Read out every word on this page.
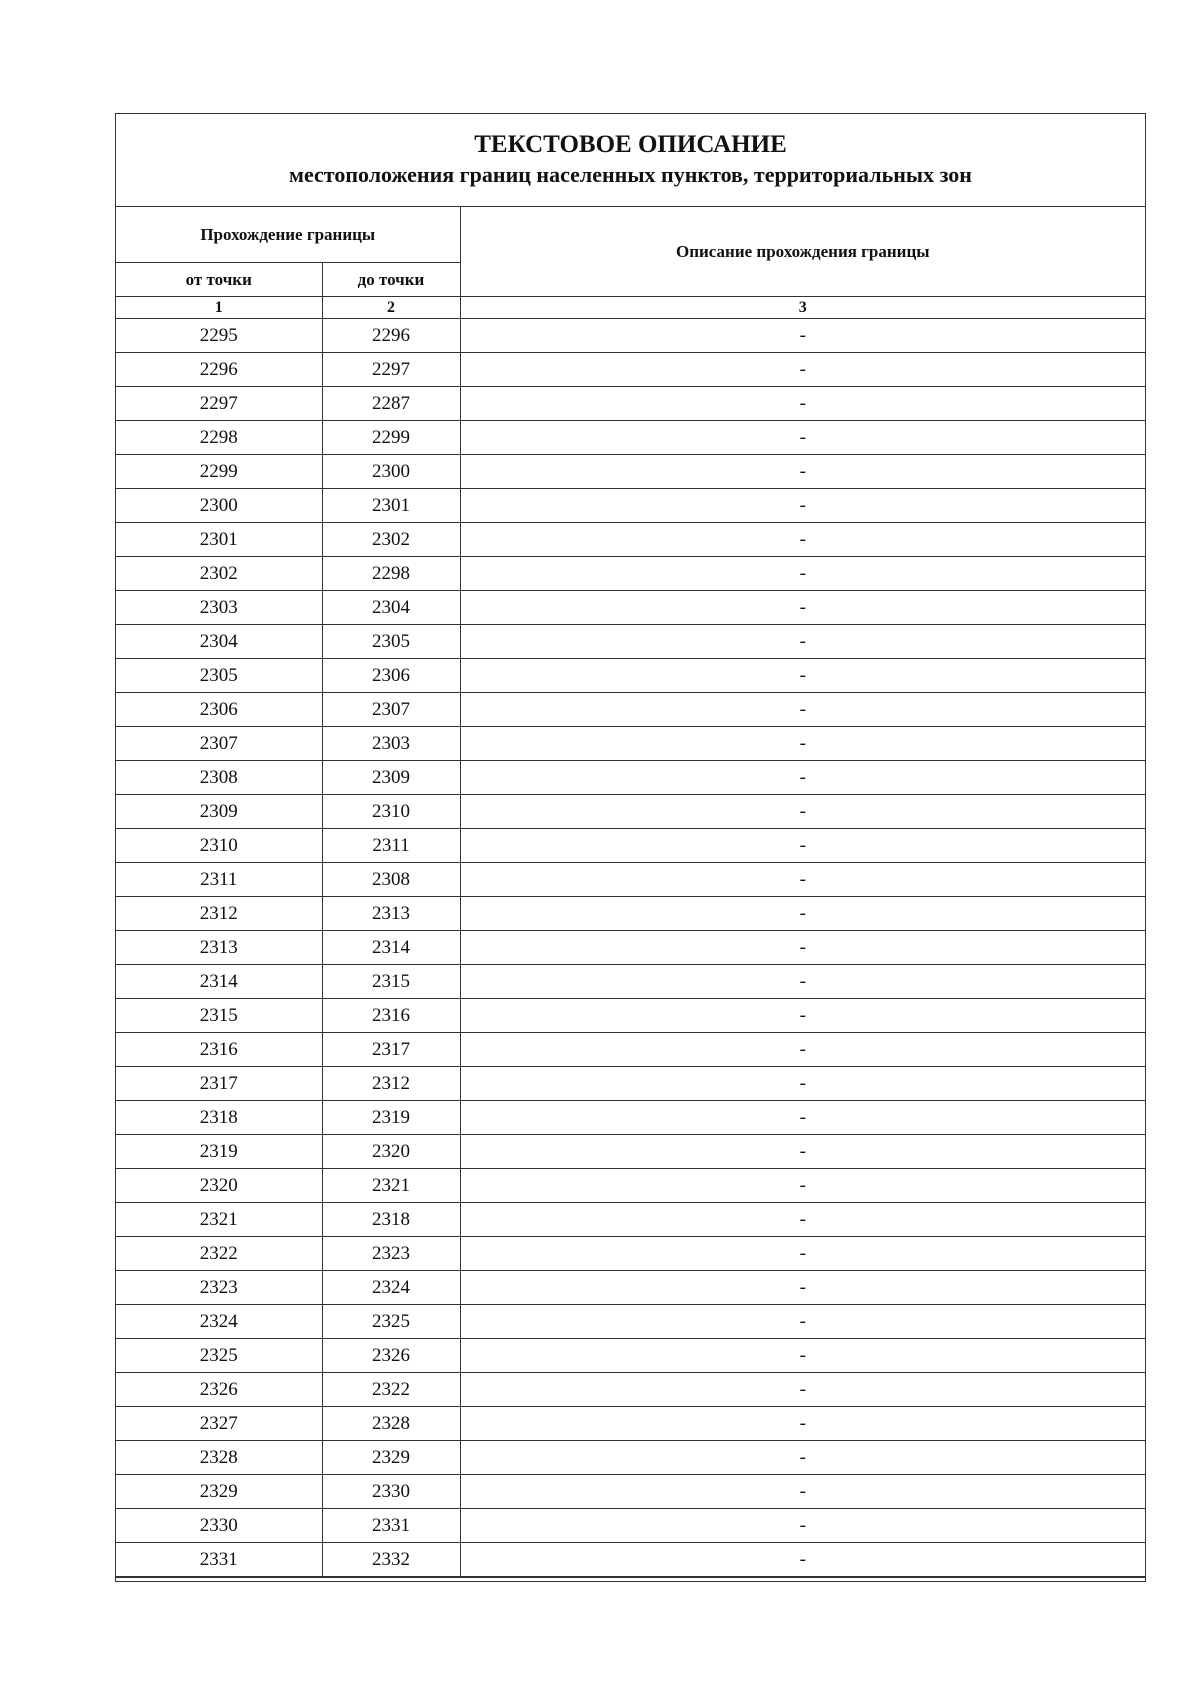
ТЕКСТОВОЕ ОПИСАНИЕ
местоположения границ населенных пунктов, территориальных зон
Прохождение границы		Описание прохождения границы
от точки	до точки	
1	2	3
2295	2296	-
2296	2297	-
2297	2287	-
2298	2299	-
2299	2300	-
2300	2301	-
2301	2302	-
2302	2298	-
2303	2304	-
2304	2305	-
2305	2306	-
2306	2307	-
2307	2303	-
2308	2309	-
2309	2310	-
2310	2311	-
2311	2308	-
2312	2313	-
2313	2314	-
2314	2315	-
2315	2316	-
2316	2317	-
2317	2312	-
2318	2319	-
2319	2320	-
2320	2321	-
2321	2318	-
2322	2323	-
2323	2324	-
2324	2325	-
2325	2326	-
2326	2322	-
2327	2328	-
2328	2329	-
2329	2330	-
2330	2331	-
2331	2332	-
